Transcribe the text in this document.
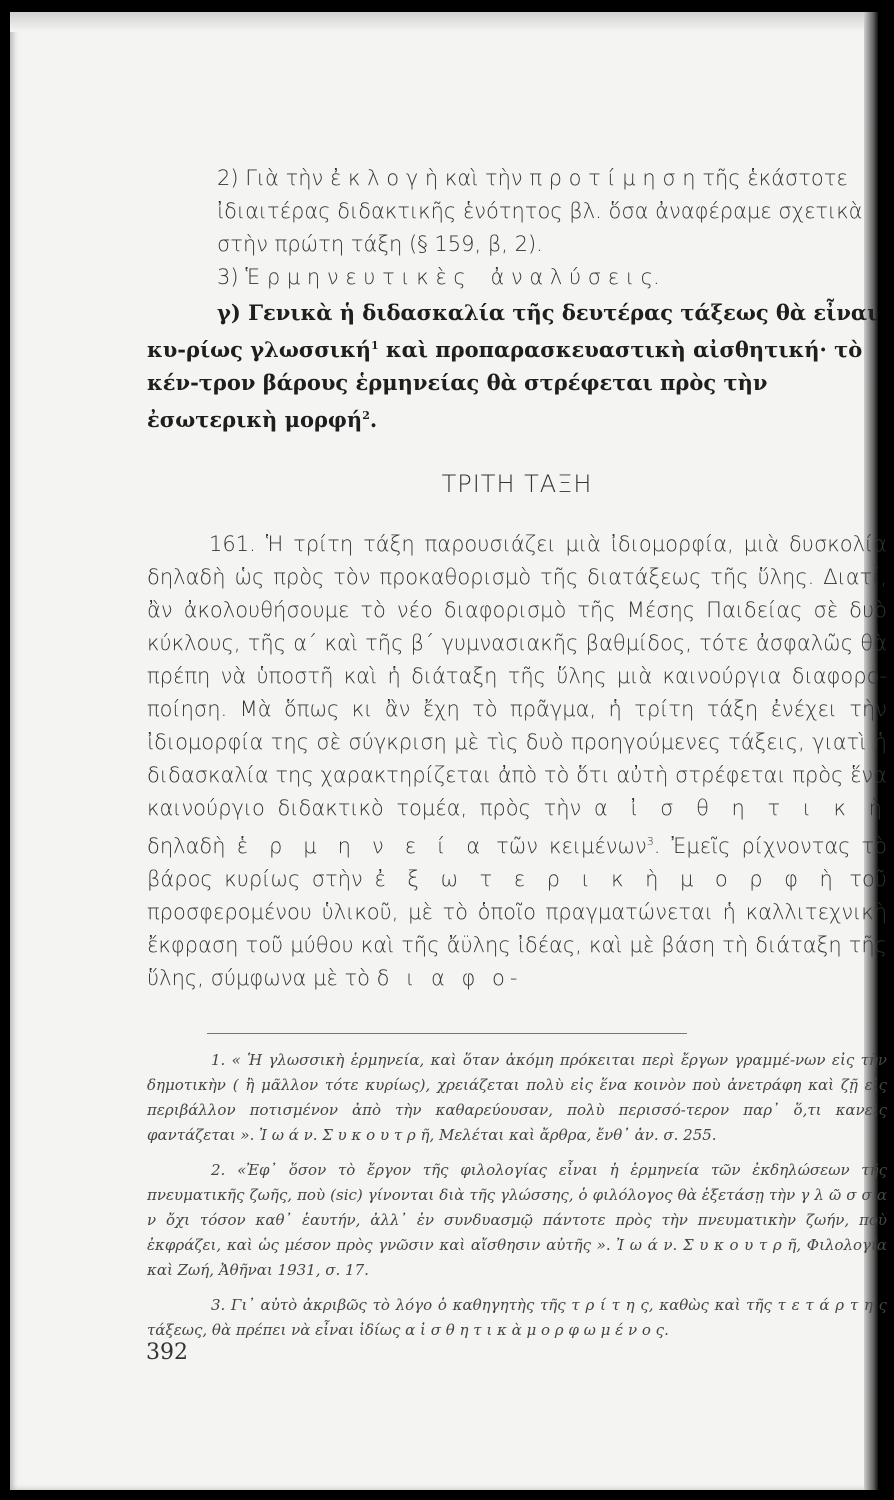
2) Γιὰ τὴν ἐ κ λ ο γ ὴ καὶ τὴν π ρ ο τ ί μ η σ η τῆς ἑκάστοτε ἰδιαιτέρας διδακτικῆς ἑνότητος βλ. ὅσα ἀναφέραμε σχετικὰ στὴν πρώτη τάξη (§ 159, β, 2).

3) Ἑ ρ μ η ν ε υ τ ι κ ὲ ς ἀ ν α λ ύ σ ε ι ς.

γ) Γενικὰ ἡ διδασκαλία τῆς δευτέρας τάξεως θὰ εἶναι κυ-ρίως γλωσσική$^1$ καὶ προπαρασκευαστικὴ αἰσθητική· τὸ κέν-τρον βάρους ἑρμηνείας θὰ στρέφεται πρὸς τὴν ἐσωτερικὴ μορφή$^2$.

ΤΡΙΤΗ ΤΑΞΗ

161. Ἡ τρίτη τάξη παρουσιάζει μιὰ ἰδιομορφία, μιὰ δυσκολία δηλαδὴ ὡς πρὸς τὸν προκαθορισμὸ τῆς διατάξεως τῆς ὕλης. Διατί, ἂν ἀκολουθήσουμε τὸ νέο διαφορισμὸ τῆς Μέσης Παιδείας σὲ δυὸ κύκλους, τῆς α΄ καὶ τῆς β΄ γυμνασιακῆς βαθμίδος, τότε ἀσφαλῶς θὰ πρέπη νὰ ὑποστῆ καὶ ἡ διάταξη τῆς ὕλης μιὰ καινούργια διαφορο-ποίηση. Μὰ ὅπως κι ἂν ἔχη τὸ πρᾶγμα, ἡ τρίτη τάξη ἐνέχει τὴν ἰδιομορφία της σὲ σύγκριση μὲ τὶς δυὸ προηγούμενες τάξεις, γιατὶ ἡ διδασκαλία της χαρακτηρίζεται ἀπὸ τὸ ὅτι αὐτὴ στρέφεται πρὸς ἕνα καινούργιο διδακτικὸ τομέα, πρὸς τὴν α ἰ σ θ η τ ι κ ὴ δηλαδὴ ἑ ρ μ η ν ε ί α τῶν κειμένων$^3$. Ἐμεῖς ρίχνοντας τὸ βάρος κυρίως στὴν ἐ ξ ω τ ε ρ ι κ ὴ μ ο ρ φ ὴ τοῦ προσφερομένου ὑλικοῦ, μὲ τὸ ὁποῖο πραγματώνεται ἡ καλλιτεχνικὴ ἔκφραση τοῦ μύθου καὶ τῆς ἄϋλης ἰδέας, καὶ μὲ βάση τὴ διάταξη τῆς ὕλης, σύμφωνα μὲ τὸ δ ι α φ ο-

1. « Ἡ γλωσσικὴ ἑρμηνεία, καὶ ὅταν ἀκόμη πρόκειται περὶ ἔργων γραμμέ-νων εἰς τὴν δημοτικὴν ( ἢ μᾶλλον τότε κυρίως), χρειάζεται πολὺ εἰς ἕνα κοινὸν ποὺ ἀνετράφη καὶ ζῇ εἰς περιβάλλον ποτισμένον ἀπὸ τὴν καθαρεύουσαν, πολὺ περισσό-τερον παρ᾽ ὅ,τι κανεὶς φαντάζεται ». Ἰ ω ά ν. Σ υ κ ο υ τ ρ ῆ, Μελέται καὶ ἄρθρα, ἔνθ᾽ ἀν. σ. 255.

2. «Ἐφ᾽ ὅσον τὸ ἔργον τῆς φιλολογίας εἶναι ἡ ἑρμηνεία τῶν ἐκδηλώσεων τῆς πνευματικῆς ζωῆς, ποὺ (sic) γίνονται διὰ τῆς γλώσσης, ὁ φιλόλογος θὰ ἐξετάσῃ τὴν γ λ ῶ σ σ α ν ὄχι τόσον καθ᾽ ἑαυτήν, ἀλλ᾽ ἐν συνδυασμῷ πάντοτε πρὸς τὴν πνευματικὴν ζωήν, ποὺ ἐκφράζει, καὶ ὡς μέσον πρὸς γνῶσιν καὶ αἴσθησιν αὐτῆς ». Ἰ ω ά ν. Σ υ κ ο υ τ ρ ῆ, Φιλολογία καὶ Ζωή, Ἀθῆναι 1931, σ. 17.

3. Γι᾽ αὐτὸ ἀκριβῶς τὸ λόγο ὁ καθηγητὴς τῆς τ ρ ί τ η ς, καθὼς καὶ τῆς τ ε τ ά ρ τ η ς τάξεως, θὰ πρέπει νὰ εἶναι ἰδίως α ἰ σ θ η τ ι κ ὰ μ ο ρ φ ω μ έ ν ο ς.

392
